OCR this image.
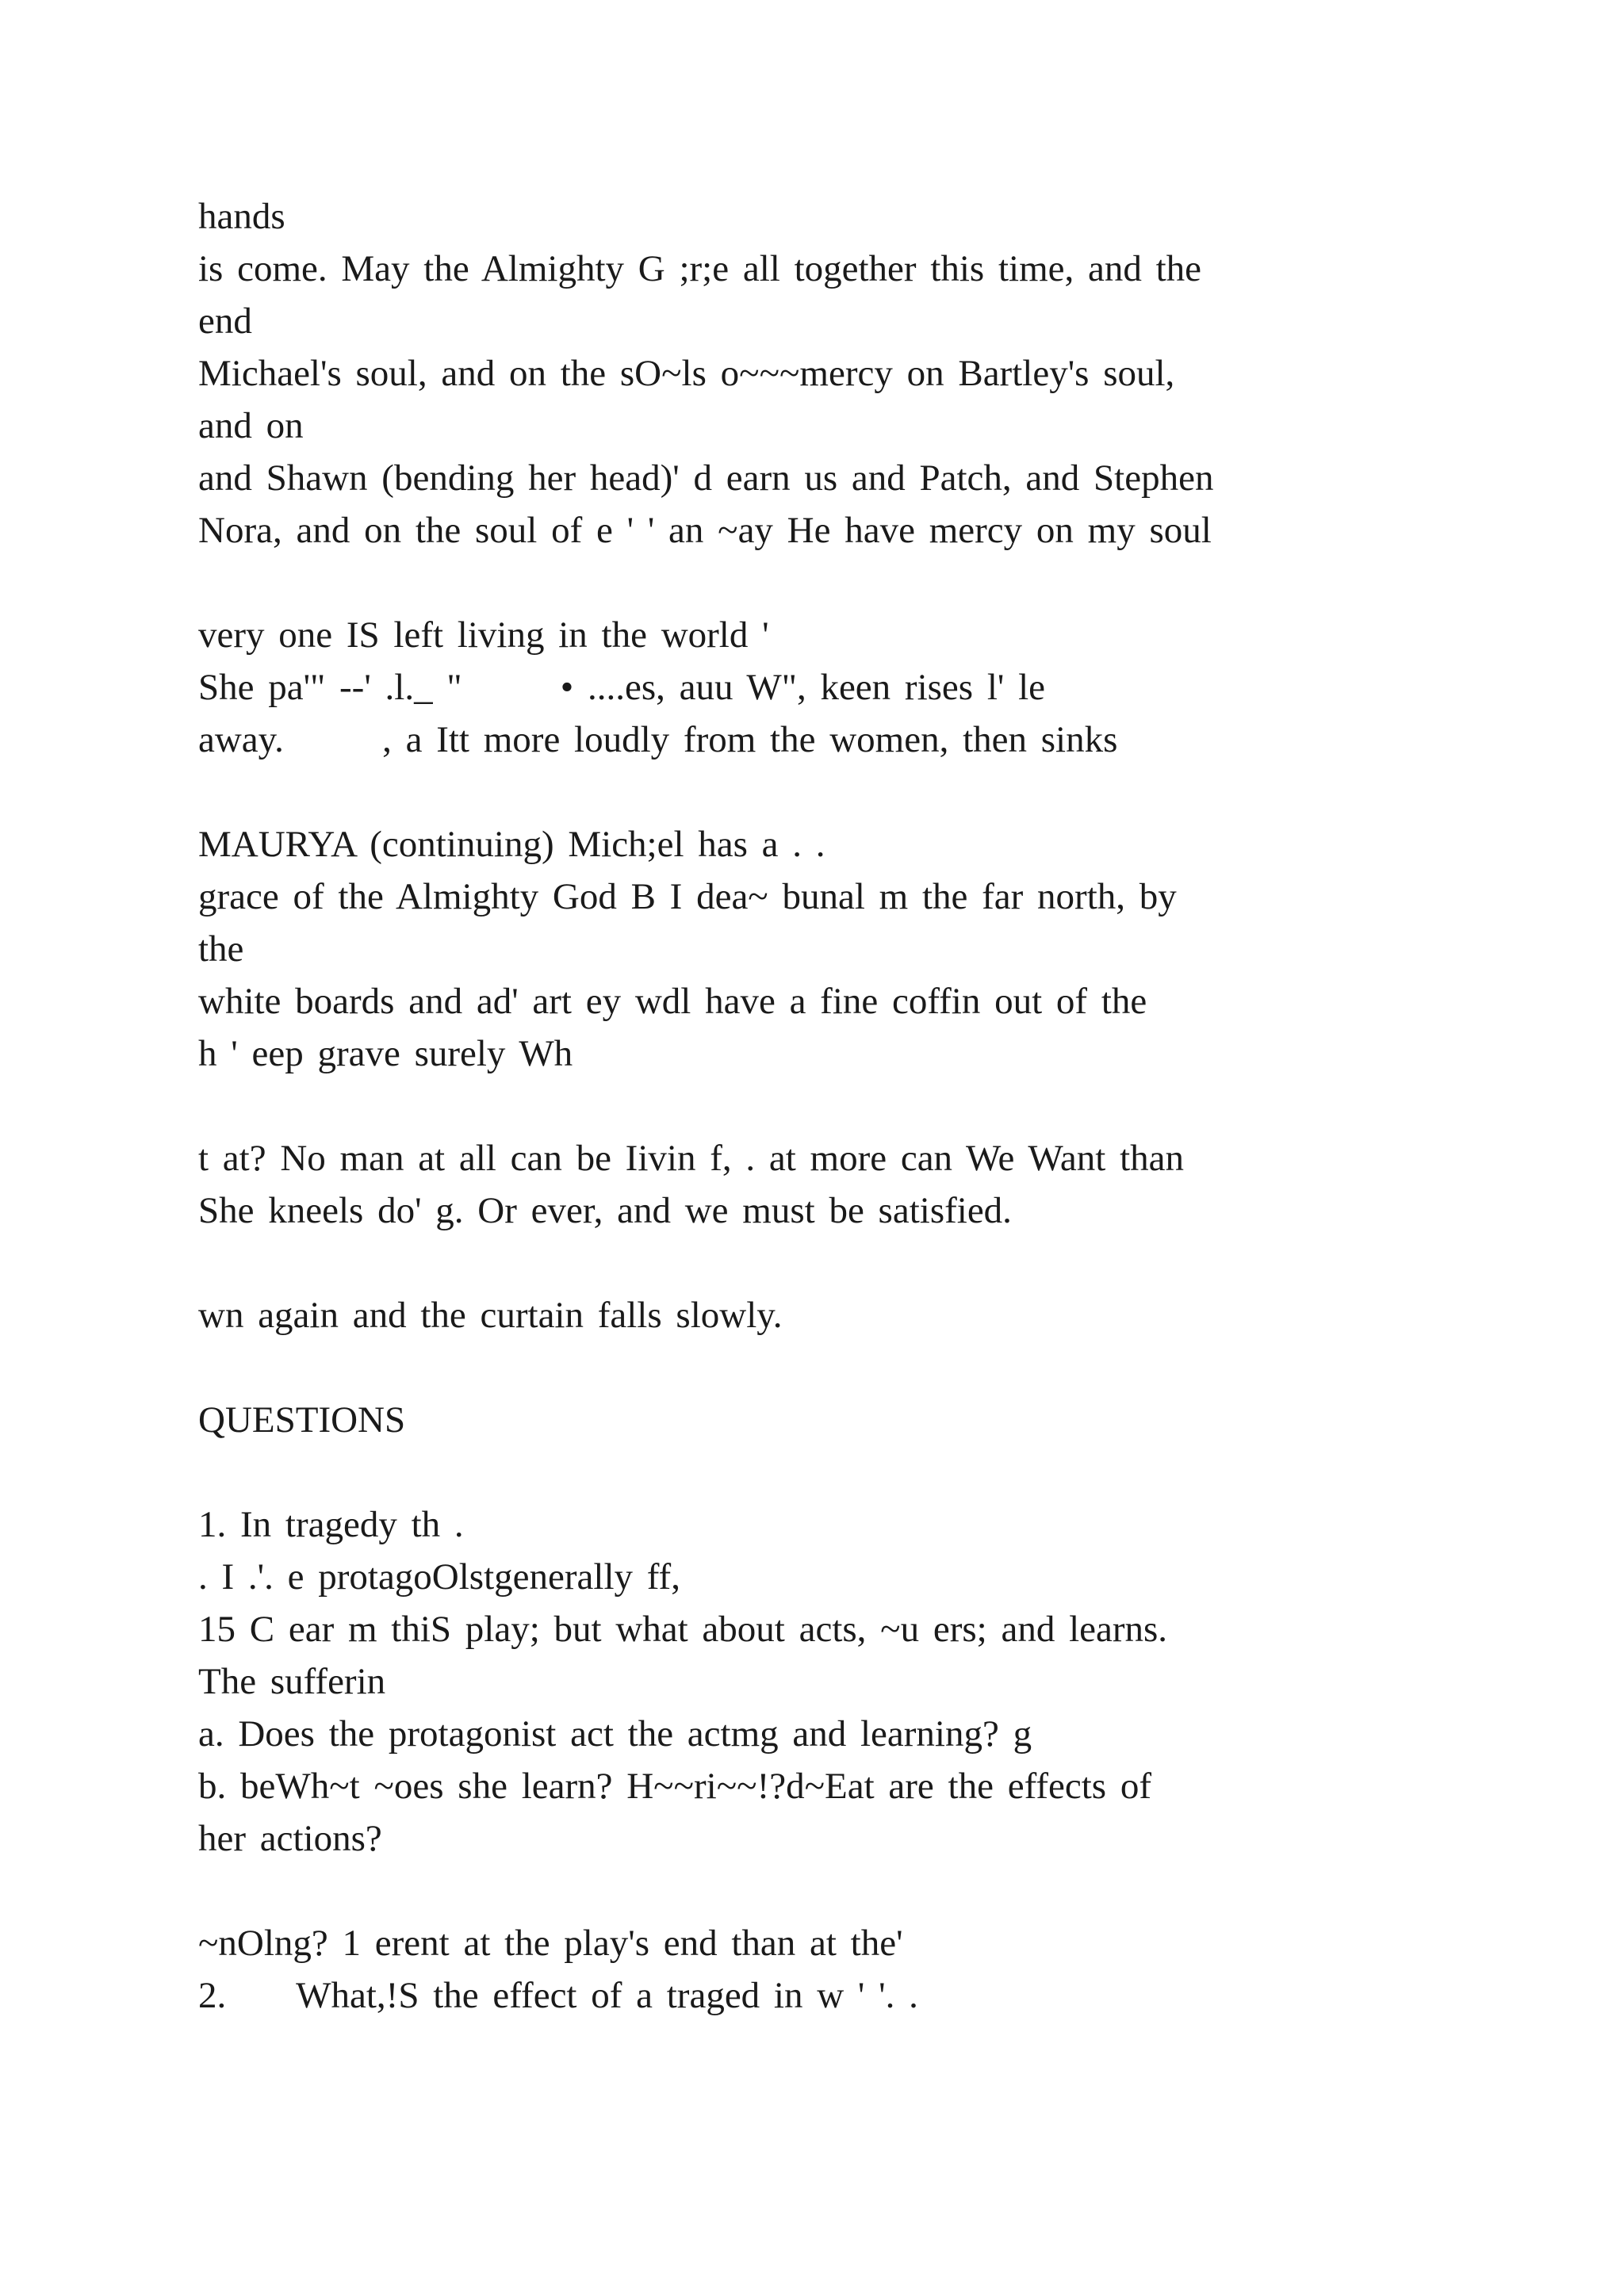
hands
is come. May the Almighty G ;r;e all together this time, and the
end
Michael's soul, and on the sO~ls o~~~mercy on Bartley's soul,
and on
and Shawn (bending her head)' d earn us and Patch, and Stephen
Nora, and on the soul of e ' ' an ~ay He have mercy on my soul
very one IS left living in the world '
She pa'" --' .l._ "       • ....es, auu W", keen rises l' le
away.       , a Itt more loudly from the women, then sinks
MAURYA (continuing) Mich;el has a . .
grace of the Almighty God B I dea~ bunal m the far north, by
the
white boards and ad' art ey wdl have a fine coffin out of the
h ' eep grave surely Wh
t at? No man at all can be Iivin f, . at more can We Want than
She kneels do' g. Or ever, and we must be satisfied.
wn again and the curtain falls slowly.
QUESTIONS
1. In tragedy th .
. I .'. e protagoOlstgenerally ff,
15 C ear m thiS play; but what about acts, ~u ers; and learns.
The sufferin
a. Does the protagonist act the actmg and learning? g
b. beWh~t ~oes she learn? H~~ri~~!?d~Eat are the effects of
her actions?
~nOlng? 1 erent at the play's end than at the'
2.     What,!S the effect of a traged in w ' '. .
